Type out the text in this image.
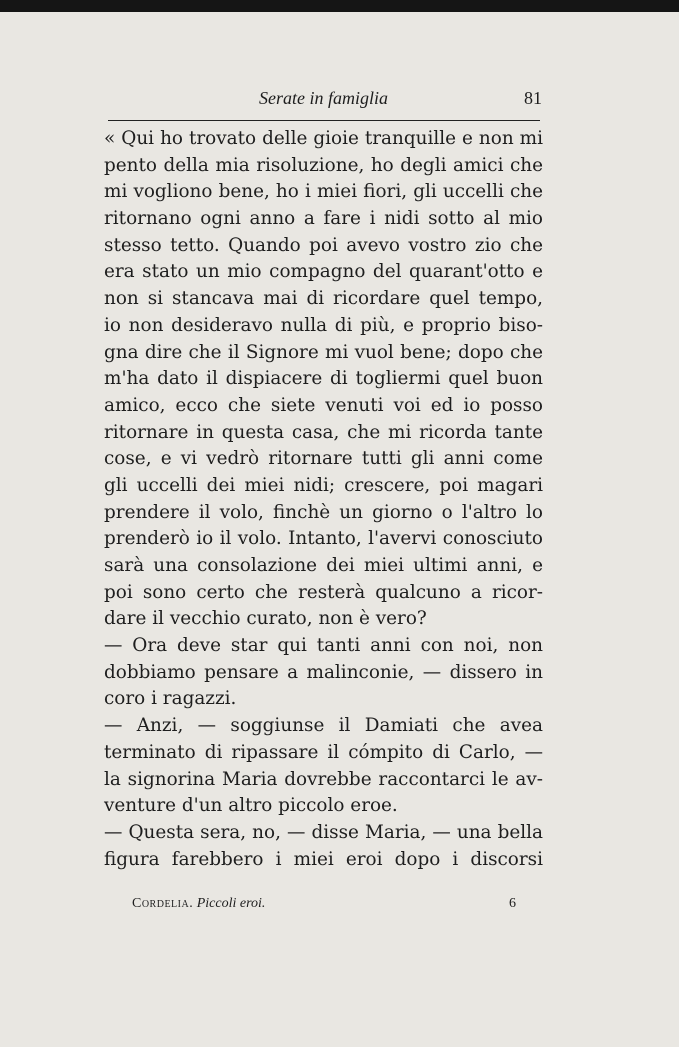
Serate in famiglia	81
« Qui ho trovato delle gioie tranquille e non mi
pento della mia risoluzione, ho degli amici che
mi vogliono bene, ho i miei fiori, gli uccelli che
ritornano ogni anno a fare i nidi sotto al mio
stesso tetto. Quando poi avevo vostro zio che
era stato un mio compagno del quarant'otto e
non si stancava mai di ricordare quel tempo,
io non desideravo nulla di più, e proprio biso-
gna dire che il Signore mi vuol bene; dopo che
m'ha dato il dispiacere di togliermi quel buon
amico, ecco che siete venuti voi ed io posso
ritornare in questa casa, che mi ricorda tante
cose, e vi vedrò ritornare tutti gli anni come
gli uccelli dei miei nidi; crescere, poi magari
prendere il volo, finchè un giorno o l'altro lo
prenderò io il volo. Intanto, l'avervi conosciuto
sarà una consolazione dei miei ultimi anni, e
poi sono certo che resterà qualcuno a ricor-
dare il vecchio curato, non è vero?
— Ora deve star qui tanti anni con noi, non
dobbiamo pensare a malinconie, — dissero in
coro i ragazzi.
— Anzi, — soggiunse il Damiati che avea
terminato di ripassare il cómpito di Carlo, —
la signorina Maria dovrebbe raccontarci le av-
venture d'un altro piccolo eroe.
— Questa sera, no, — disse Maria, — una bella
figura farebbero i miei eroi dopo i discorsi
Cordelia. Piccoli eroi.	6
